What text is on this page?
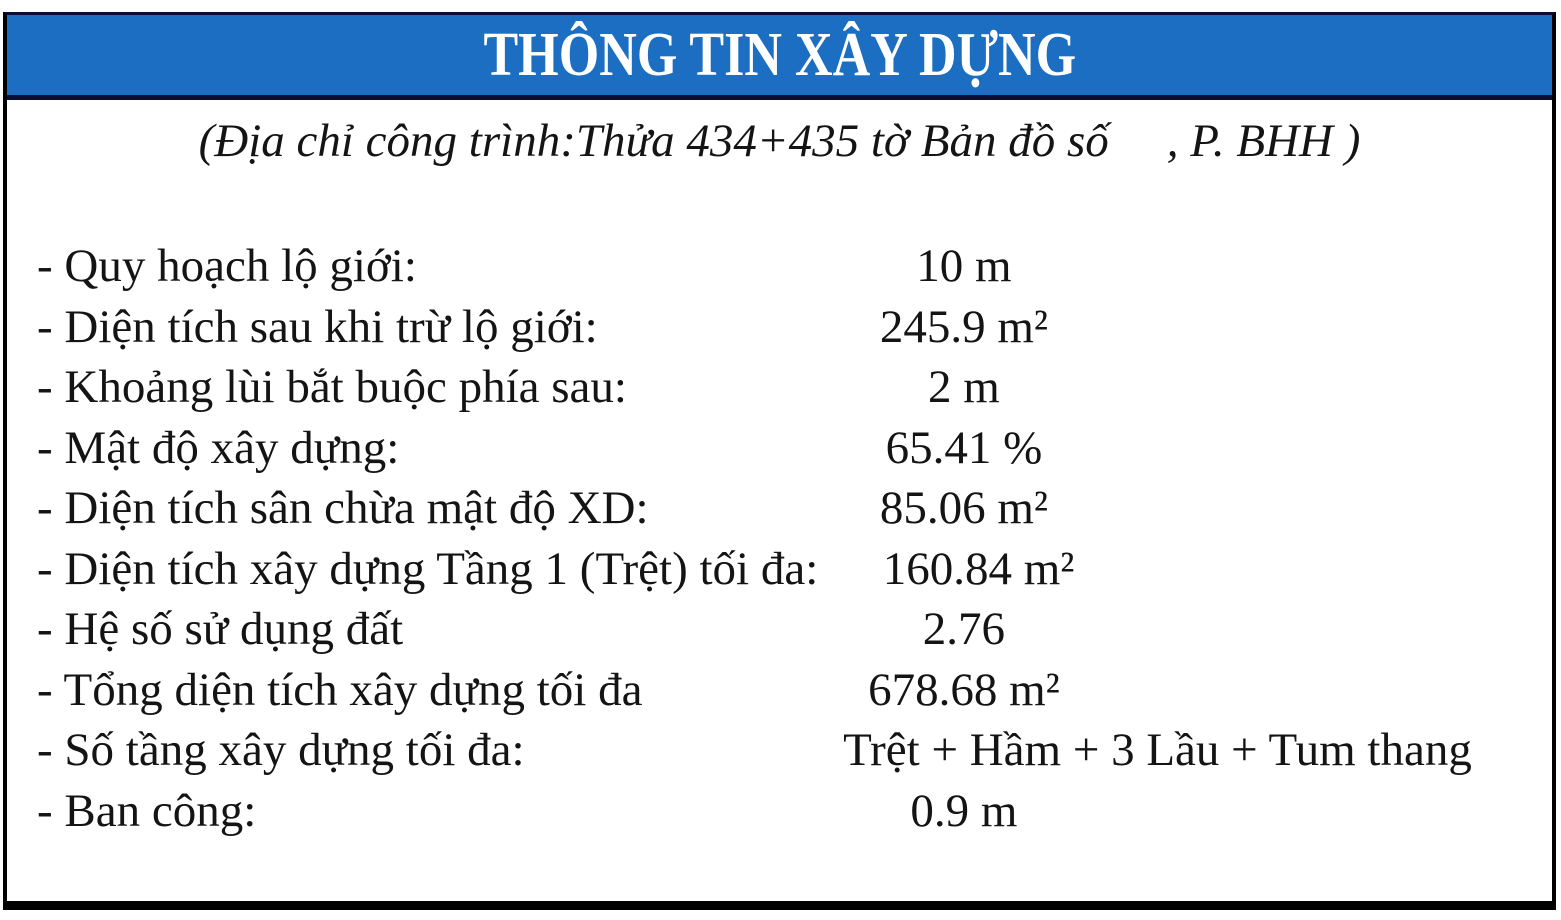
THÔNG TIN XÂY DỰNG
(Địa chỉ công trình:Thửa 434+435 tờ Bản đồ số , P. BHH )
- Quy hoạch lộ giới:	10 m
- Diện tích sau khi trừ lộ giới:	245.9 m²
- Khoảng lùi bắt buộc phía sau:	2 m
- Mật độ xây dựng:	65.41 %
- Diện tích sân chừa mật độ XD:	85.06 m²
- Diện tích xây dựng Tầng 1 (Trệt) tối đa:	160.84 m²
- Hệ số sử dụng đất	2.76
- Tổng diện tích xây dựng tối đa	678.68 m²
- Số tầng xây dựng tối đa:	Trệt + Hầm + 3 Lầu + Tum thang
- Ban công:	0.9 m
